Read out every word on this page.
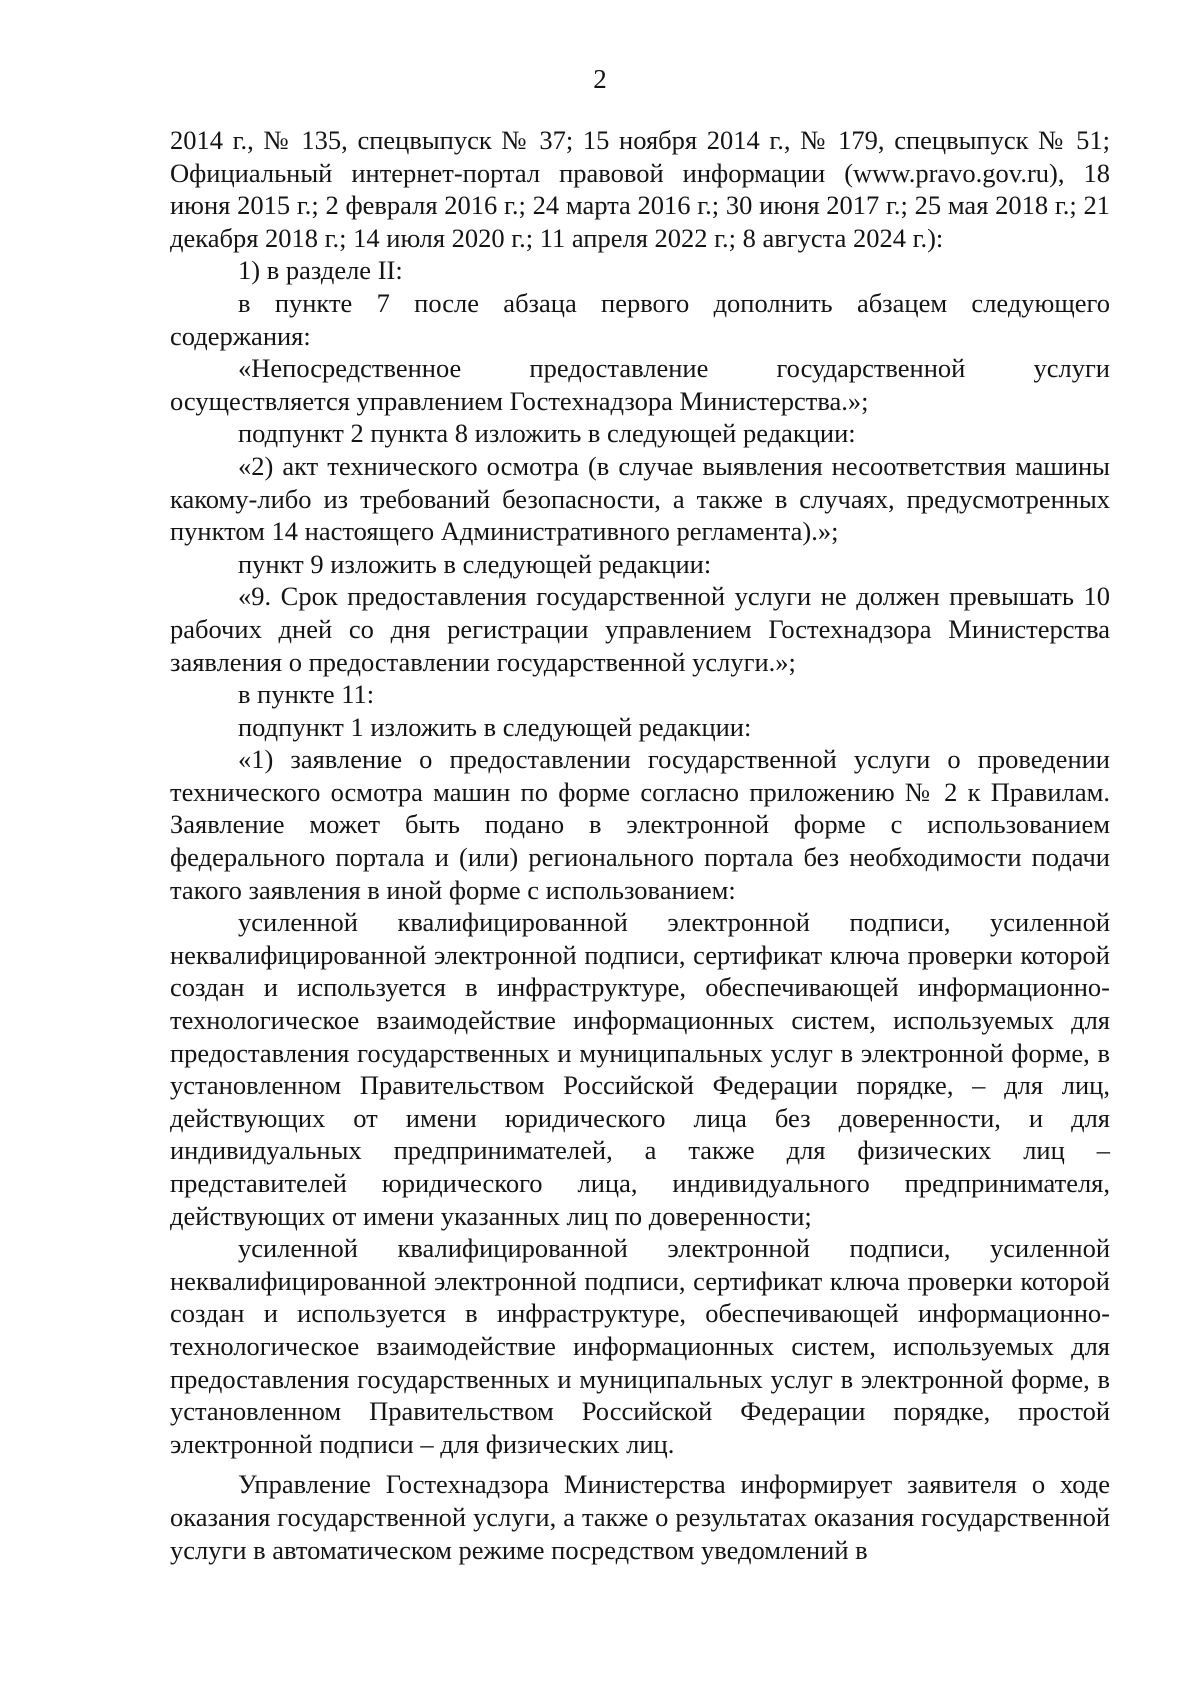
2

2014 г., № 135, спецвыпуск № 37; 15 ноября 2014 г., № 179, спецвыпуск № 51; Официальный интернет-портал правовой информации (www.pravo.gov.ru), 18 июня 2015 г.; 2 февраля 2016 г.; 24 марта 2016 г.; 30 июня 2017 г.; 25 мая 2018 г.; 21 декабря 2018 г.; 14 июля 2020 г.; 11 апреля 2022 г.; 8 августа 2024 г.):

1) в разделе II:

в пункте 7 после абзаца первого дополнить абзацем следующего содержания:

«Непосредственное предоставление государственной услуги осуществляется управлением Гостехнадзора Министерства.»;

подпункт 2 пункта 8 изложить в следующей редакции:

«2) акт технического осмотра (в случае выявления несоответствия машины какому-либо из требований безопасности, а также в случаях, предусмотренных пунктом 14 настоящего Административного регламента).»;

пункт 9 изложить в следующей редакции:

«9. Срок предоставления государственной услуги не должен превышать 10 рабочих дней со дня регистрации управлением Гостехнадзора Министерства заявления о предоставлении государственной услуги.»;

в пункте 11:

подпункт 1 изложить в следующей редакции:

«1) заявление о предоставлении государственной услуги о проведении технического осмотра машин по форме согласно приложению № 2 к Правилам. Заявление может быть подано в электронной форме с использованием федерального портала и (или) регионального портала без необходимости подачи такого заявления в иной форме с использованием:

усиленной квалифицированной электронной подписи, усиленной неквалифицированной электронной подписи, сертификат ключа проверки которой создан и используется в инфраструктуре, обеспечивающей информационно-технологическое взаимодействие информационных систем, используемых для предоставления государственных и муниципальных услуг в электронной форме, в установленном Правительством Российской Федерации порядке, – для лиц, действующих от имени юридического лица без доверенности, и для индивидуальных предпринимателей, а также для физических лиц – представителей юридического лица, индивидуального предпринимателя, действующих от имени указанных лиц по доверенности;

усиленной квалифицированной электронной подписи, усиленной неквалифицированной электронной подписи, сертификат ключа проверки которой создан и используется в инфраструктуре, обеспечивающей информационно-технологическое взаимодействие информационных систем, используемых для предоставления государственных и муниципальных услуг в электронной форме, в установленном Правительством Российской Федерации порядке, простой электронной подписи – для физических лиц.

Управление Гостехнадзора Министерства информирует заявителя о ходе оказания государственной услуги, а также о результатах оказания государственной услуги в автоматическом режиме посредством уведомлений в
